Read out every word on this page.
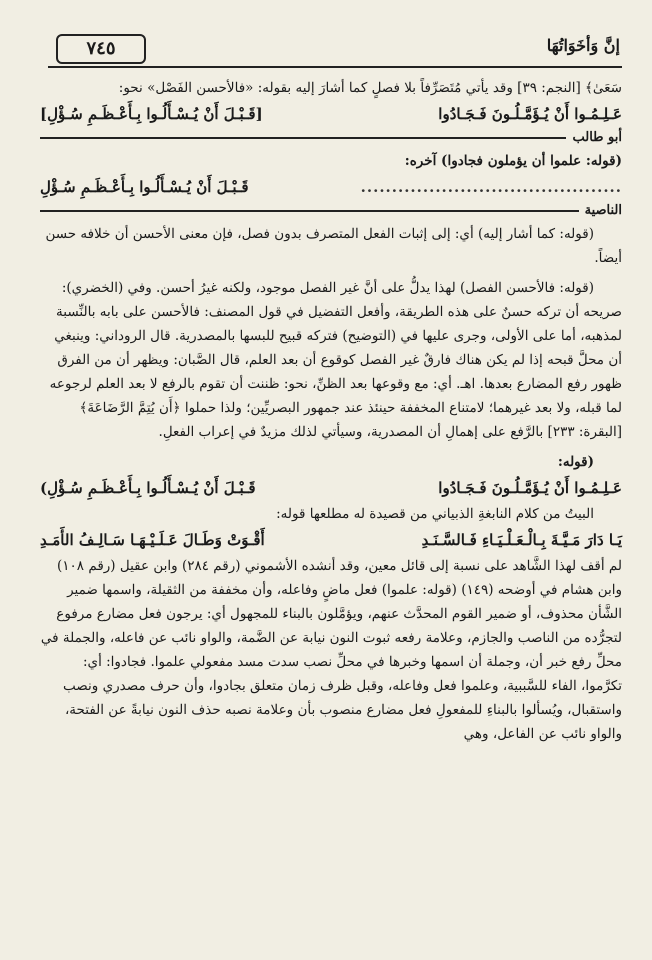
٧٤٥	إنَّ وَأخَوَاتُهَا

سَعَىٰ﴾ [النجم: ٣٩] وقد يأتي مُتَصَرِّفاً بلا فصلٍ كما أشارَ إليه بقوله: «فالأحسن الفَصْل» نحو:

عَـلِـمُـوا أَنْ يُـؤَمَّـلُـونَ فَـجَـادُوا
[قَـبْـلَ أَنْ يُـسْـأَلُـوا بِـأَعْـظَـمِ سُـؤْلِ]
أبو طالب

(قوله: علموا أن يؤملون فجادوا) آخره:

..........................................
قَـبْـلَ أَنْ يُـسْـأَلُـوا بِـأَعْـظَـمِ سُـؤْلِ
الناصية

(قوله: كما أشار إليه) أي: إلى إثبات الفعل المتصرف بدون فصل، فإن معنى الأحسن أن خلافه حسن أيضاً.

(قوله: فالأحسن الفصل) لهذا يدلُّ على أنَّ غير الفصل موجود، ولكنه غيرُ أحسن. وفي (الخضري): صريحه أن تركه حسنٌ على هذه الطريقة، وأفعل التفضيل في قول المصنف: فالأحسن على بابه بالنِّسبة لمذهبه، أما على الأولى، وجرى عليها في (التوضيح) فتركه قبيح للبسها بالمصدرية. قال الروداني: وينبغي أن محلَّ قبحه إذا لم يكن هناك فارقٌ غير الفصل كوقوع أن بعد العلم، قال الصَّبان: ويظهر أن من الفرق ظهور رفع المضارع بعدها. اهـ. أي: مع وقوعها بعد الظنِّ، نحو: ظننت أن تقوم بالرفع لا بعد العلم لرجوعه لما قبله، ولا بعد غيرهما؛ لامتناع المخففة حينئذ عند جمهور البصريِّين؛ ولذا حملوا ﴿أَن يُتِمَّ الرَّضَاعَةَ﴾ [البقرة: ٢٣٣] بالرَّفع على إهمالِ أن المصدرية، وسيأتي لذلك مزيدٌ في إعراب الفعلِ.

(قوله:

عَـلِـمُـوا أَنْ يُـؤَمَّـلُـونَ فَـجَـادُوا
قَـبْـلَ أَنْ يُـسْـأَلُـوا بِـأَعْـظَـمِ سُـؤْلِ)

البيتُ من كلام النابغةِ الذبياني من قصيدة له مطلعها قوله:

يَـا دَارَ مَـيَّـةَ بِـالْـعَـلْـيَـاءِ فَـالسَّـنَـدِ
أَقْـوَتْ وَطَـالَ عَـلَـيْـهَـا سَـالِـفُ الأَمَـدِ

لم أقف لهذا الشَّاهد على نسبة إلى قائل معين، وقد أنشده الأشموني (رقم ٢٨٤) وابن عقيل (رقم ١٠٨) وابن هشام في أوضحه (١٤٩) (قوله: علموا) فعل ماضٍ وفاعله، وأن مخففة من الثقيلة، واسمها ضمير الشَّأن محذوف، أو ضمير القوم المحدَّث عنهم، ويؤمَّلون بالبناء للمجهول أي: يرجون فعل مضارع مرفوع لتجرُّده من الناصب والجازم، وعلامة رفعه ثبوت النون نيابة عن الضَّمة، والواو نائب عن فاعله، والجملة في محلِّ رفع خبر أن، وجملة أن اسمها وخبرها في محلِّ نصب سدت مسد مفعولي علموا. فجادوا: أي: تكرَّموا، الفاء للسَّببية، وعلموا فعل وفاعله، وقبل ظرف زمان متعلق بجادوا، وأن حرف مصدري ونصب واستقبال، ويُسألوا بالبناءِ للمفعولِ فعل مضارع منصوب بأن وعلامة نصبه حذف النون نيابةً عن الفتحة، والواو نائب عن الفاعل، وهي
